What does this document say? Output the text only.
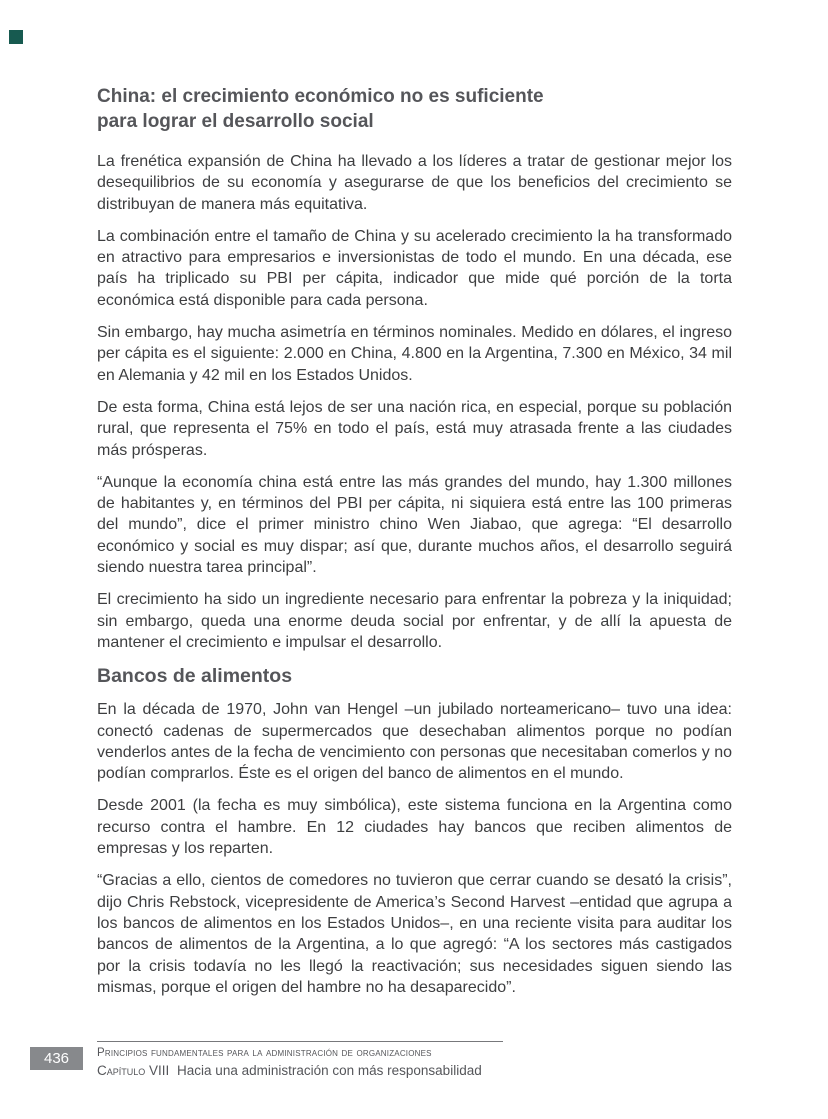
China: el crecimiento económico no es suficiente
para lograr el desarrollo social

La frenética expansión de China ha llevado a los líderes a tratar de gestionar mejor los desequilibrios de su economía y asegurarse de que los beneficios del crecimiento se distribuyan de manera más equitativa.

La combinación entre el tamaño de China y su acelerado crecimiento la ha transformado en atractivo para empresarios e inversionistas de todo el mundo. En una década, ese país ha triplicado su PBI per cápita, indicador que mide qué porción de la torta económica está disponible para cada persona.

Sin embargo, hay mucha asimetría en términos nominales. Medido en dólares, el ingreso per cápita es el siguiente: 2.000 en China, 4.800 en la Argentina, 7.300 en México, 34 mil en Alemania y 42 mil en los Estados Unidos.

De esta forma, China está lejos de ser una nación rica, en especial, porque su población rural, que representa el 75% en todo el país, está muy atrasada frente a las ciudades más prósperas.

“Aunque la economía china está entre las más grandes del mundo, hay 1.300 millones de habitantes y, en términos del PBI per cápita, ni siquiera está entre las 100 primeras del mundo”, dice el primer ministro chino Wen Jiabao, que agrega: “El desarrollo económico y social es muy dispar; así que, durante muchos años, el desarrollo seguirá siendo nuestra tarea principal”.

El crecimiento ha sido un ingrediente necesario para enfrentar la pobreza y la iniquidad; sin embargo, queda una enorme deuda social por enfrentar, y de allí la apuesta de mantener el crecimiento e impulsar el desarrollo.

Bancos de alimentos

En la década de 1970, John van Hengel –un jubilado norteamericano– tuvo una idea: conectó cadenas de supermercados que desechaban alimentos porque no podían venderlos antes de la fecha de vencimiento con personas que necesitaban comerlos y no podían comprarlos. Éste es el origen del banco de alimentos en el mundo.

Desde 2001 (la fecha es muy simbólica), este sistema funciona en la Argentina como recurso contra el hambre. En 12 ciudades hay bancos que reciben alimentos de empresas y los reparten.

“Gracias a ello, cientos de comedores no tuvieron que cerrar cuando se desató la crisis”, dijo Chris Rebstock, vicepresidente de America’s Second Harvest –entidad que agrupa a los bancos de alimentos en los Estados Unidos–, en una reciente visita para auditar los bancos de alimentos de la Argentina, a lo que agregó: “A los sectores más castigados por la crisis todavía no les llegó la reactivación; sus necesidades siguen siendo las mismas, porque el origen del hambre no ha desaparecido”.

436 Principios fundamentales para la administración de organizaciones
Capítulo VIII Hacia una administración con más responsabilidad
